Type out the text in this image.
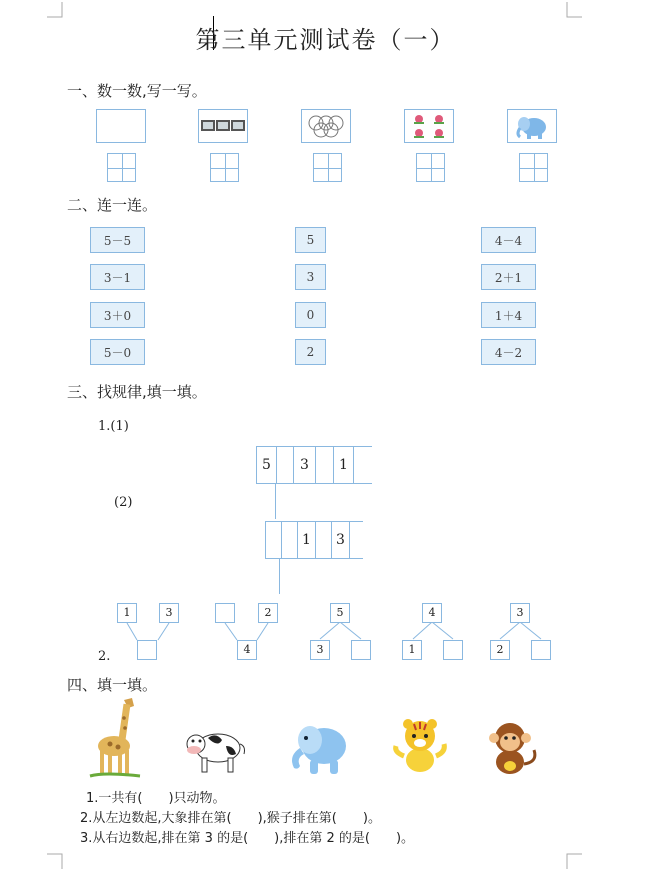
第三单元测试卷（一）
一、数一数,写一写。
二、连一连。
5－5
3－1
3＋0
5－0
5
3
0
2
4－4
2＋1
1＋4
4－2
三、找规律,填一填。
1.(1)
5	3	1
(2)
1	3
1	3	2
4
5
3
4
1
3
2
2.
四、填一填。
1.一共有(　　)只动物。
2.从左边数起,大象排在第(　　),猴子排在第(　　)。
3.从右边数起,排在第 3 的是(　　),排在第 2 的是(　　)。
